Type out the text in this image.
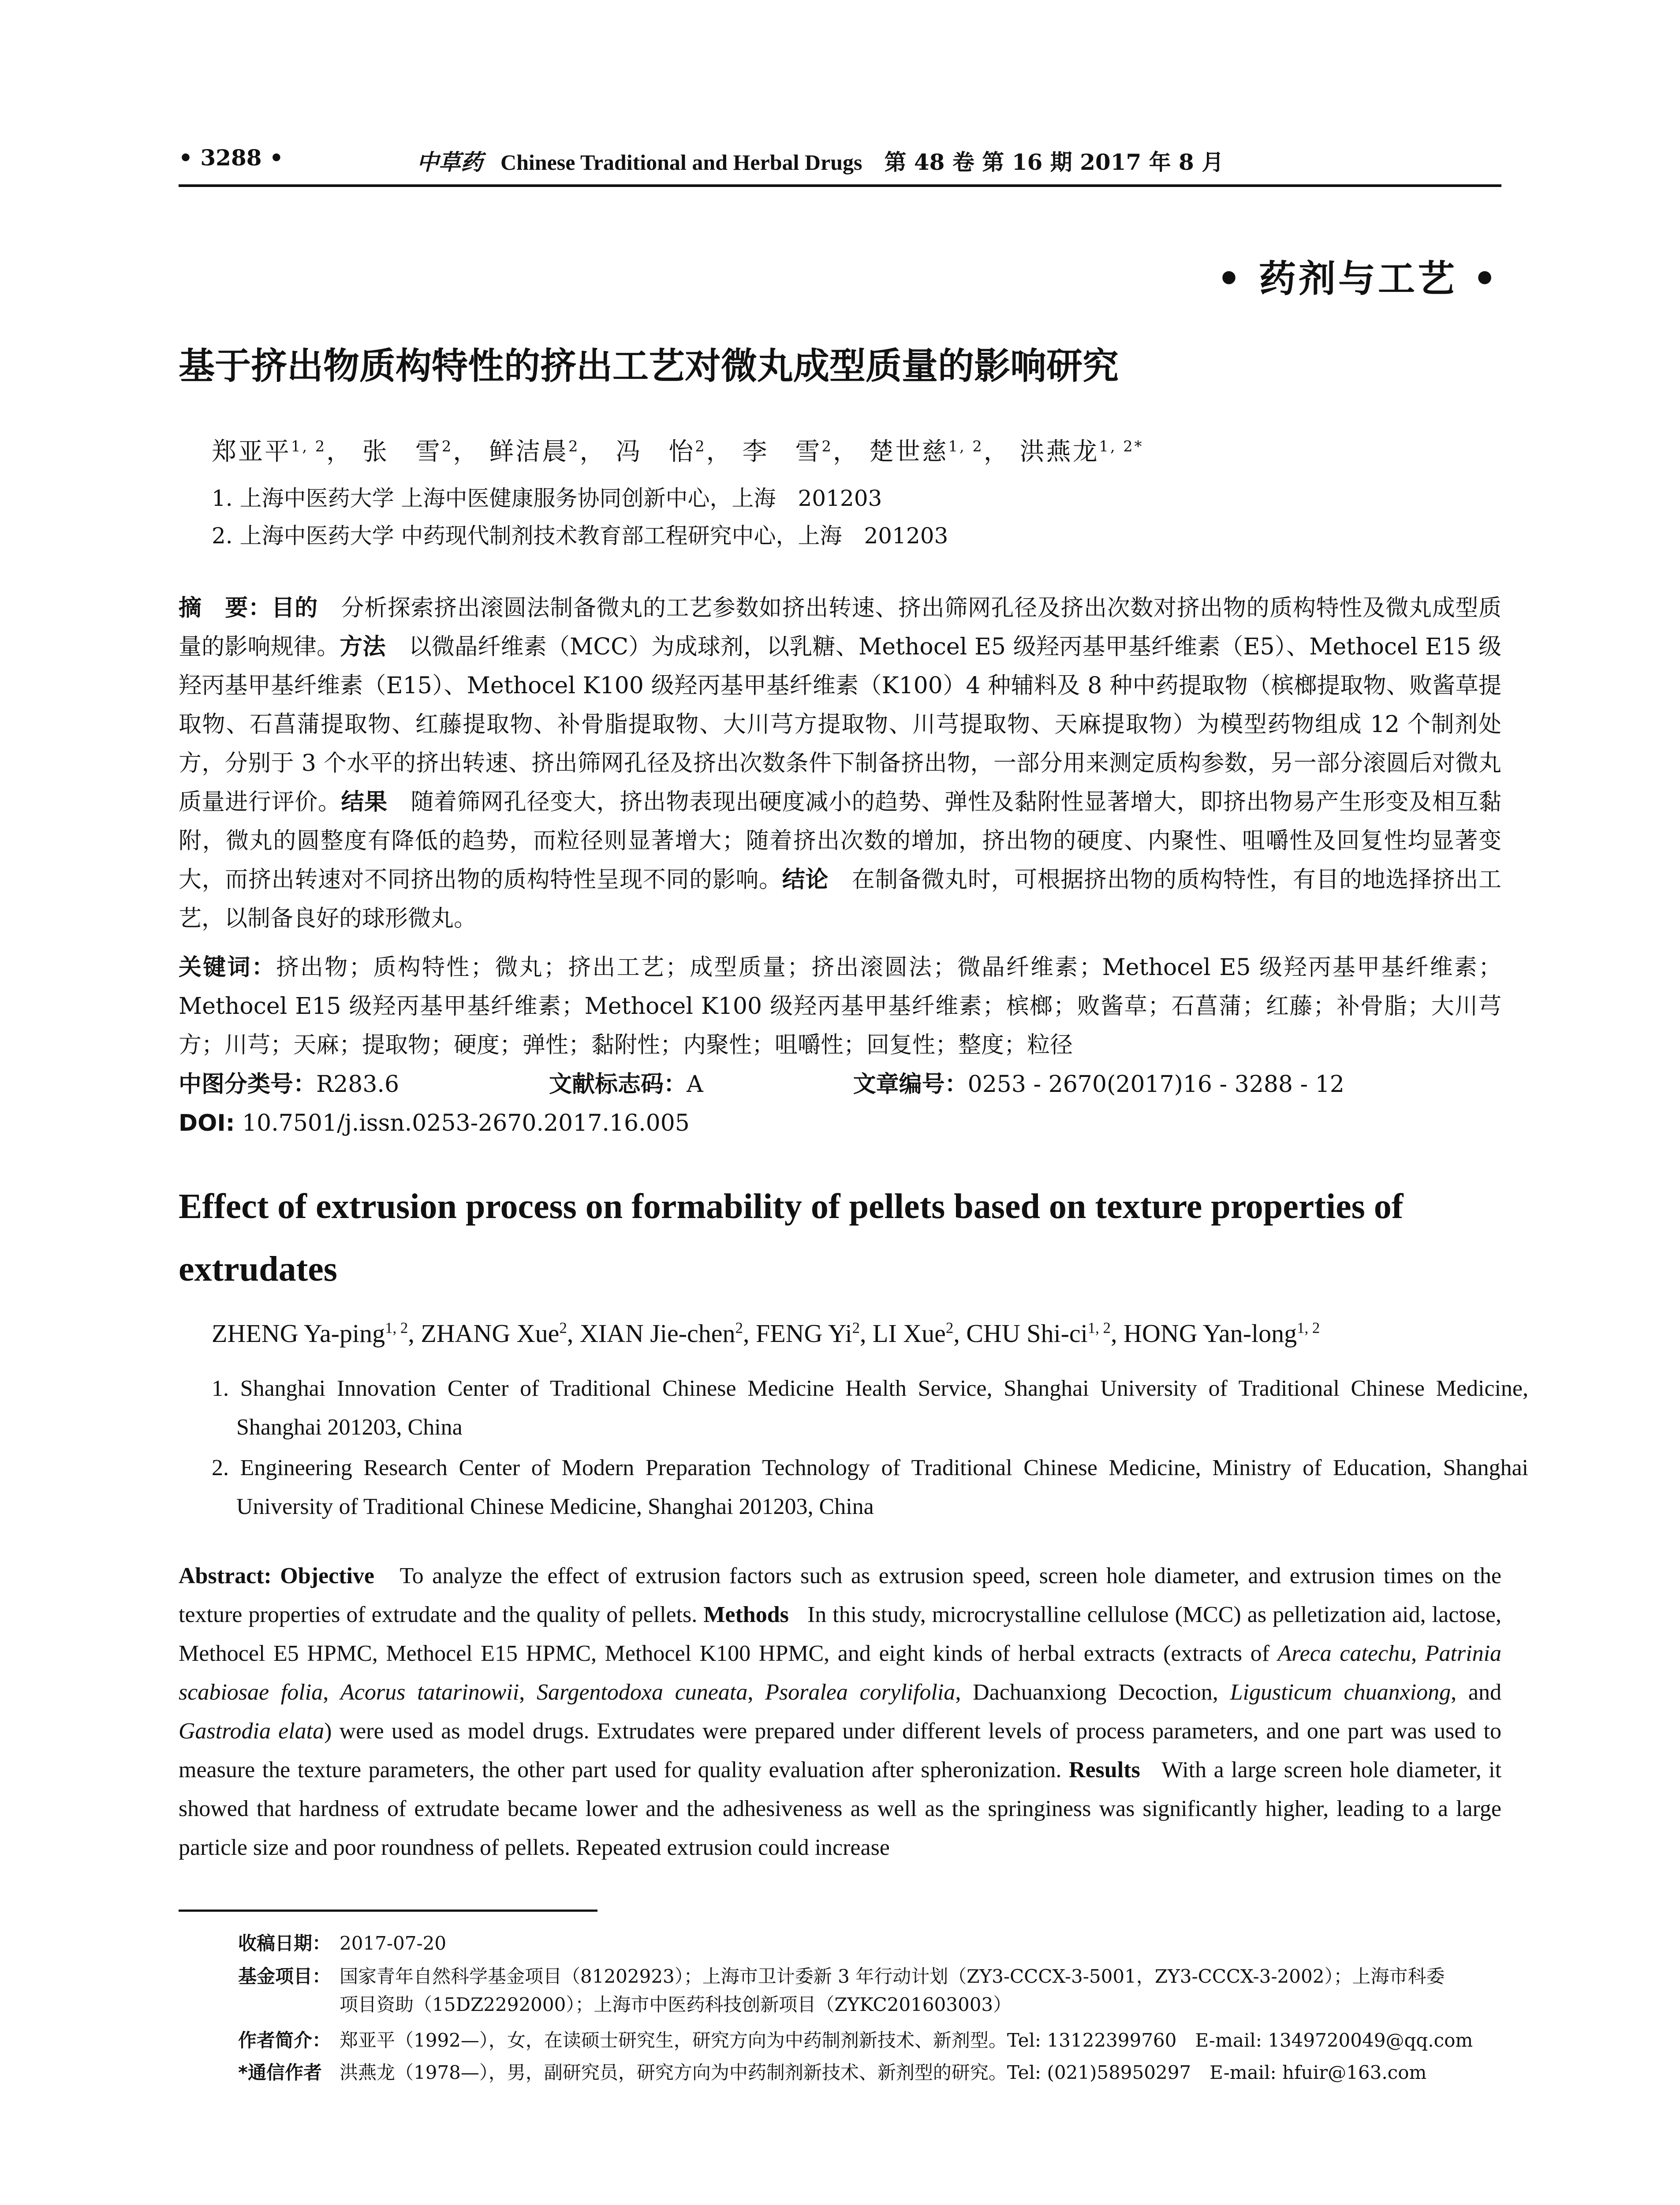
• 3288 •	中草药 Chinese Traditional and Herbal Drugs 第 48 卷 第 16 期 2017 年 8 月
• 药剂与工艺 •
基于挤出物质构特性的挤出工艺对微丸成型质量的影响研究
郑亚平$^{1, 2}$， 张　雪$^2$， 鲜洁晨$^2$， 冯　怡$^2$， 李　雪$^2$， 楚世慈$^{1, 2}$， 洪燕龙$^{1, 2*}$
1. 上海中医药大学 上海中医健康服务协同创新中心，上海　201203
2. 上海中医药大学 中药现代制剂技术教育部工程研究中心，上海　201203
摘　要：目的　 分析探索挤出滚圆法制备微丸的工艺参数如挤出转速、挤出筛网孔径及挤出次数对挤出物的质构特性及微丸成型质量的影响规律。方法　 以微晶纤维素（MCC）为成球剂，以乳糖、Methocel E5 级羟丙基甲基纤维素（E5）、Methocel E15 级羟丙基甲基纤维素（E15）、Methocel K100 级羟丙基甲基纤维素（K100）4 种辅料及 8 种中药提取物（槟榔提取物、败酱草提取物、石菖蒲提取物、红藤提取物、补骨脂提取物、大川芎方提取物、川芎提取物、天麻提取物）为模型药物组成 12 个制剂处方，分别于 3 个水平的挤出转速、挤出筛网孔径及挤出次数条件下制备挤出物，一部分用来测定质构参数，另一部分滚圆后对微丸质量进行评价。结果　 随着筛网孔径变大，挤出物表现出硬度减小的趋势、弹性及黏附性显著增大，即挤出物易产生形变及相互黏附，微丸的圆整度有降低的趋势，而粒径则显著增大；随着挤出次数的增加，挤出物的硬度、内聚性、咀嚼性及回复性均显著变大，而挤出转速对不同挤出物的质构特性呈现不同的影响。结论　 在制备微丸时，可根据挤出物的质构特性，有目的地选择挤出工艺，以制备良好的球形微丸。
关键词：挤出物；质构特性；微丸；挤出工艺；成型质量；挤出滚圆法；微晶纤维素；Methocel E5 级羟丙基甲基纤维素；Methocel E15 级羟丙基甲基纤维素；Methocel K100 级羟丙基甲基纤维素；槟榔；败酱草；石菖蒲；红藤；补骨脂；大川芎方；川芎；天麻；提取物；硬度；弹性；黏附性；内聚性；咀嚼性；回复性；整度；粒径
中图分类号：R283.6	文献标志码：A	文章编号：0253 - 2670(2017)16 - 3288 - 12
DOI: 10.7501/j.issn.0253-2670.2017.16.005
Effect of extrusion process on formability of pellets based on texture properties of extrudates
ZHENG Ya-ping$^{1, 2}$, ZHANG Xue$^2$, XIAN Jie-chen$^2$, FENG Yi$^2$, LI Xue$^2$, CHU Shi-ci$^{1, 2}$, HONG Yan-long$^{1, 2}$
1. Shanghai Innovation Center of Traditional Chinese Medicine Health Service, Shanghai University of Traditional Chinese Medicine, Shanghai 201203, China
2. Engineering Research Center of Modern Preparation Technology of Traditional Chinese Medicine, Ministry of Education, Shanghai University of Traditional Chinese Medicine, Shanghai 201203, China
Abstract: Objective To analyze the effect of extrusion factors such as extrusion speed, screen hole diameter, and extrusion times on the texture properties of extrudate and the quality of pellets. Methods In this study, microcrystalline cellulose (MCC) as pelletization aid, lactose, Methocel E5 HPMC, Methocel E15 HPMC, Methocel K100 HPMC, and eight kinds of herbal extracts (extracts of Areca catechu, Patrinia scabiosae folia, Acorus tatarinowii, Sargentodoxa cuneata, Psoralea corylifolia, Dachuanxiong Decoction, Ligusticum chuanxiong, and Gastrodia elata) were used as model drugs. Extrudates were prepared under different levels of process parameters, and one part was used to measure the texture parameters, the other part used for quality evaluation after spheronization. Results With a large screen hole diameter, it showed that hardness of extrudate became lower and the adhesiveness as well as the springiness was significantly higher, leading to a large particle size and poor roundness of pellets. Repeated extrusion could increase
收稿日期： 2017-07-20
基金项目： 国家青年自然科学基金项目（81202923）；上海市卫计委新 3 年行动计划（ZY3-CCCX-3-5001，ZY3-CCCX-3-2002）；上海市科委
项目资助（15DZ2292000）；上海市中医药科技创新项目（ZYKC201603003）
作者简介： 郑亚平（1992—），女，在读硕士研究生，研究方向为中药制剂新技术、新剂型。Tel: 13122399760　E-mail: 1349720049@qq.com
*通信作者 洪燕龙（1978—），男，副研究员，研究方向为中药制剂新技术、新剂型的研究。Tel: (021)58950297　E-mail: hfuir@163.com
